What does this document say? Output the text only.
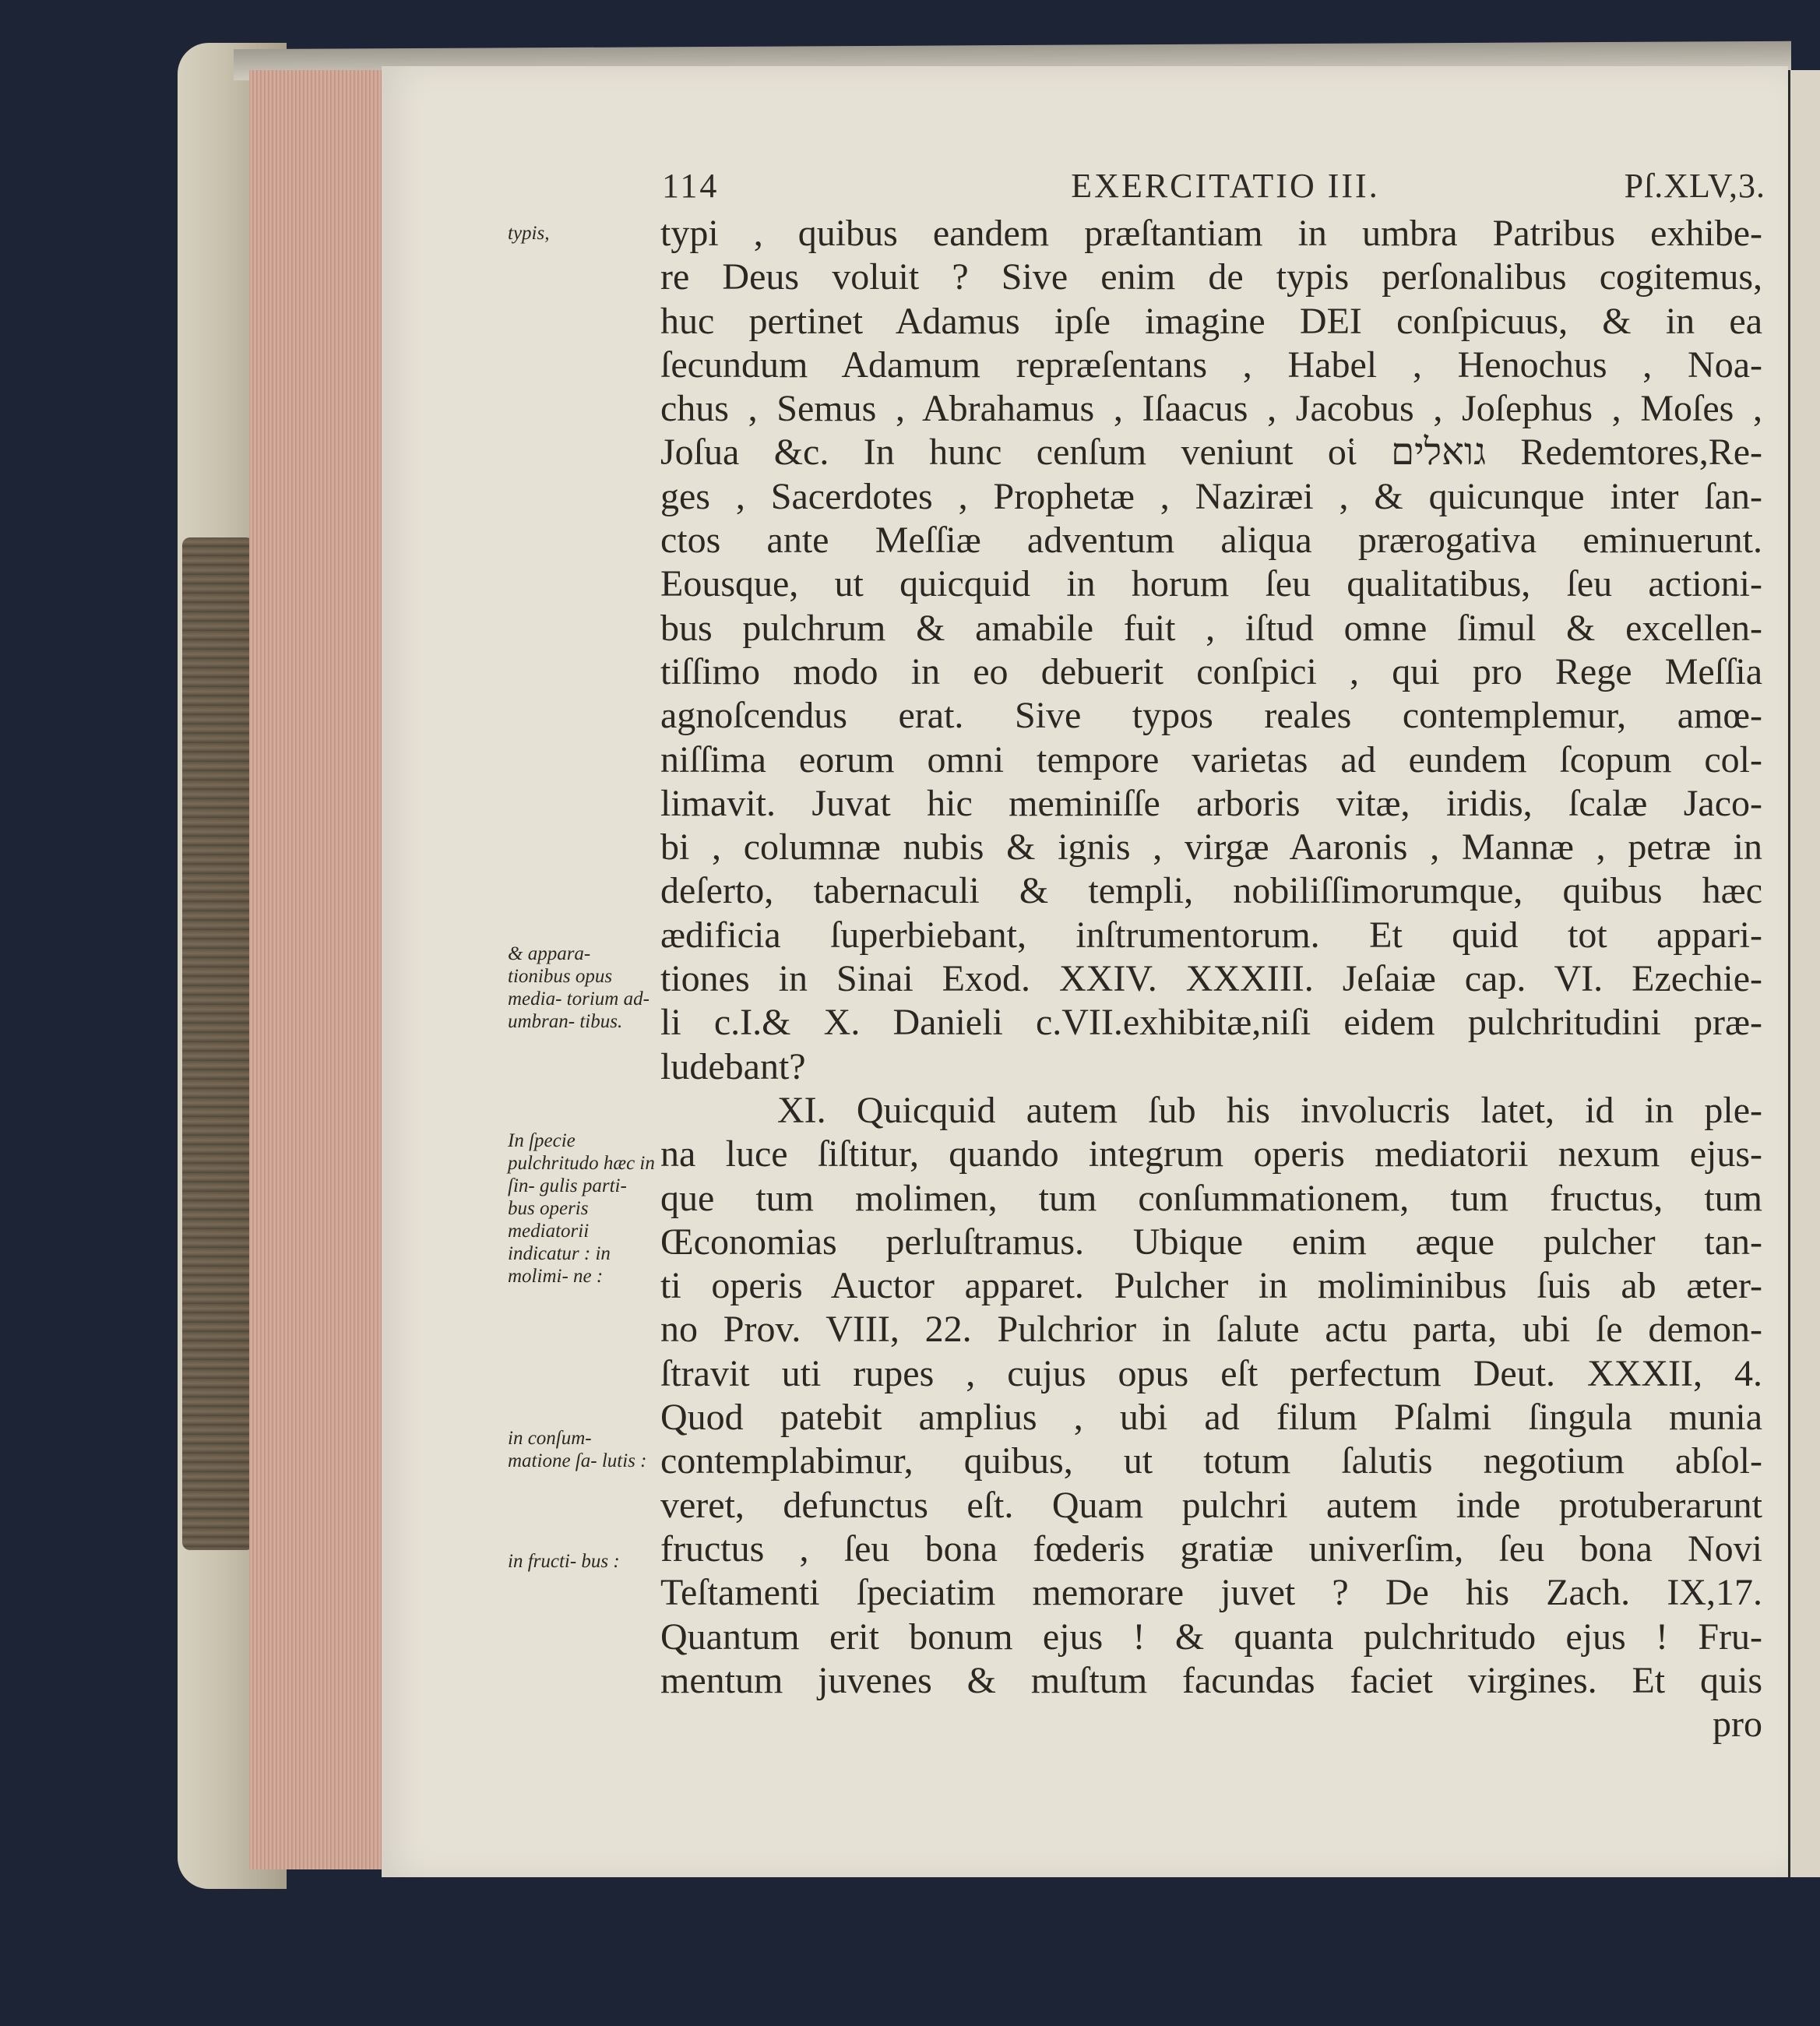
114	EXERCITATIO III.	Pſ.XLV,3.
typis,
& appara- tionibus opus media- torium ad- umbran- tibus.
In ſpecie pulchritudo hæc in ſin- gulis parti- bus operis mediatorii indicatur : in molimi- ne :
in conſum- matione ſa- lutis :
in fructi- bus :
typi , quibus eandem præſtantiam in umbra Patribus exhibe-
re Deus voluit ? Sive enim de typis perſonalibus cogitemus,
huc pertinet Adamus ipſe imagine DEI conſpicuus, & in ea
ſecundum Adamum repræſentans , Habel , Henochus , Noa-
chus , Semus , Abrahamus , Iſaacus , Jacobus , Joſephus , Moſes ,
Joſua &c. In hunc cenſum veniunt οἱ גואלים Redemtores,Re-
ges , Sacerdotes , Prophetæ , Naziræi , & quicunque inter ſan-
ctos ante Meſſiæ adventum aliqua prærogativa eminuerunt.
Eousque, ut quicquid in horum ſeu qualitatibus, ſeu actioni-
bus pulchrum & amabile fuit , iſtud omne ſimul & excellen-
tiſſimo modo in eo debuerit conſpici , qui pro Rege Meſſia
agnoſcendus erat. Sive typos reales contemplemur, amœ-
niſſima eorum omni tempore varietas ad eundem ſcopum col-
limavit. Juvat hic meminiſſe arboris vitæ, iridis, ſcalæ Jaco-
bi , columnæ nubis & ignis , virgæ Aaronis , Mannæ , petræ in
deſerto, tabernaculi & templi, nobiliſſimorumque, quibus hæc
ædificia ſuperbiebant, inſtrumentorum. Et quid tot appari-
tiones in Sinai Exod. XXIV. XXXIII. Jeſaiæ cap. VI. Ezechie-
li c.I.& X. Danieli c.VII.exhibitæ,niſi eidem pulchritudini præ-
ludebant?
XI. Quicquid autem ſub his involucris latet, id in ple-
na luce ſiſtitur, quando integrum operis mediatorii nexum ejus-
que tum molimen, tum conſummationem, tum fructus, tum
Œconomias perluſtramus. Ubique enim æque pulcher tan-
ti operis Auctor apparet. Pulcher in moliminibus ſuis ab æter-
no Prov. VIII, 22. Pulchrior in ſalute actu parta, ubi ſe demon-
ſtravit uti rupes , cujus opus eſt perfectum Deut. XXXII, 4.
Quod patebit amplius , ubi ad filum Pſalmi ſingula munia
contemplabimur, quibus, ut totum ſalutis negotium abſol-
veret, defunctus eſt. Quam pulchri autem inde protuberarunt
fructus , ſeu bona fœderis gratiæ univerſim, ſeu bona Novi
Teſtamenti ſpeciatim memorare juvet ? De his Zach. IX,17.
Quantum erit bonum ejus ! & quanta pulchritudo ejus ! Fru-
mentum juvenes & muſtum facundas faciet virgines. Et quis
pro
